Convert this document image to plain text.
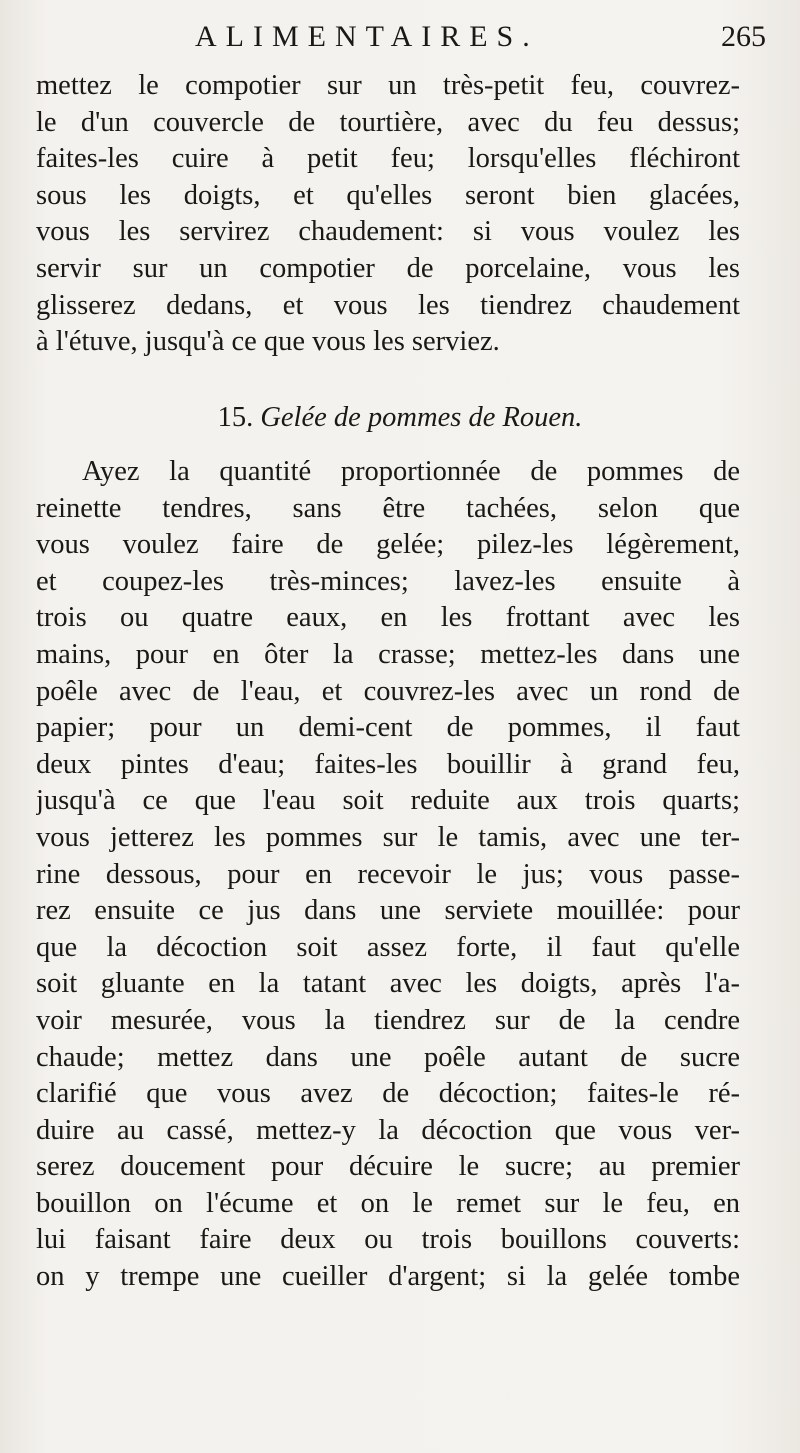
ALIMENTAIRES.	265
mettez le compotier sur un très-petit feu, couvrez-
le d'un couvercle de tourtière, avec du feu dessus;
faites-les cuire à petit feu; lorsqu'elles fléchiront
sous les doigts, et qu'elles seront bien glacées,
vous les servirez chaudement: si vous voulez les
servir sur un compotier de porcelaine, vous les
glisserez dedans, et vous les tiendrez chaudement
à l'étuve, jusqu'à ce que vous les serviez.
15. Gelée de pommes de Rouen.
Ayez la quantité proportionnée de pommes de
reinette tendres, sans être tachées, selon que
vous voulez faire de gelée; pilez-les légèrement,
et coupez-les très-minces; lavez-les ensuite à
trois ou quatre eaux, en les frottant avec les
mains, pour en ôter la crasse; mettez-les dans une
poêle avec de l'eau, et couvrez-les avec un rond de
papier; pour un demi-cent de pommes, il faut
deux pintes d'eau; faites-les bouillir à grand feu,
jusqu'à ce que l'eau soit reduite aux trois quarts;
vous jetterez les pommes sur le tamis, avec une ter-
rine dessous, pour en recevoir le jus; vous passe-
rez ensuite ce jus dans une serviete mouillée: pour
que la décoction soit assez forte, il faut qu'elle
soit gluante en la tatant avec les doigts, après l'a-
voir mesurée, vous la tiendrez sur de la cendre
chaude; mettez dans une poêle autant de sucre
clarifié que vous avez de décoction; faites-le ré-
duire au cassé, mettez-y la décoction que vous ver-
serez doucement pour décuire le sucre; au premier
bouillon on l'écume et on le remet sur le feu, en
lui faisant faire deux ou trois bouillons couverts:
on y trempe une cueiller d'argent; si la gelée tombe
